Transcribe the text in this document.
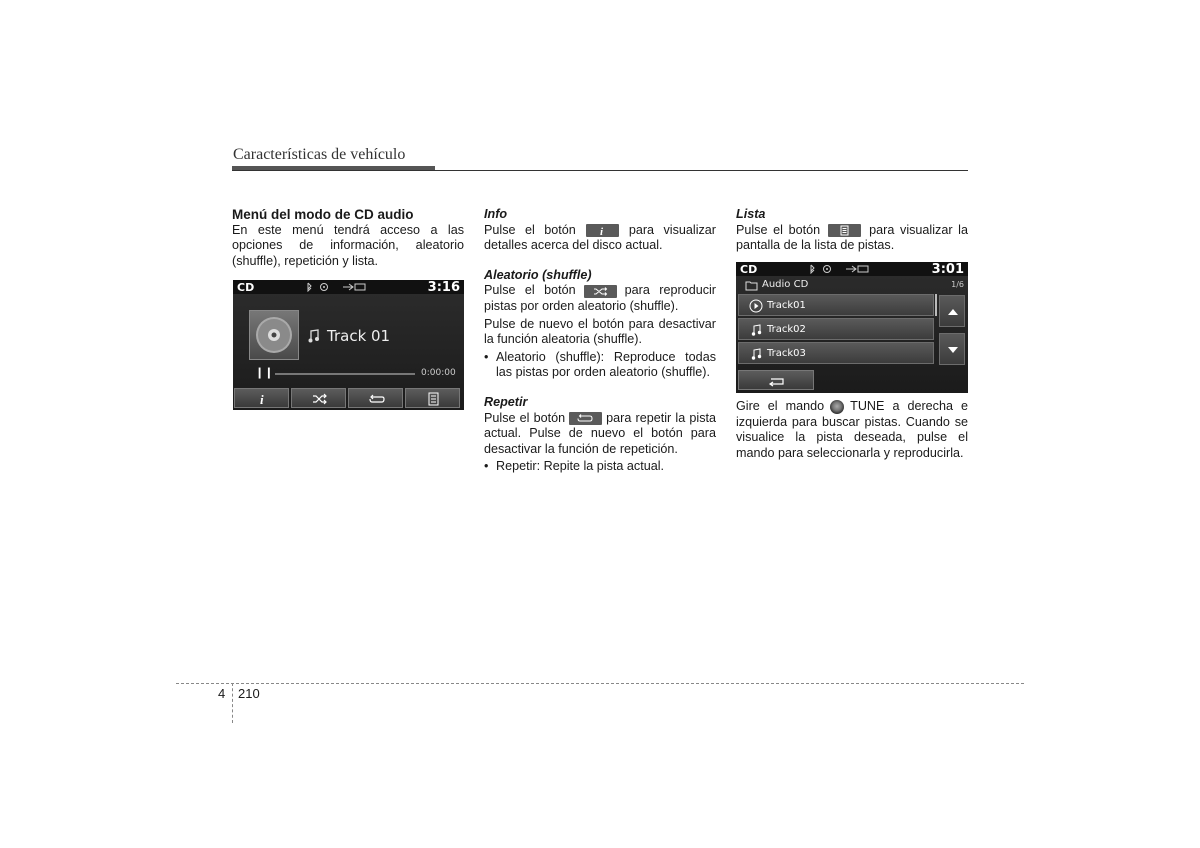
Características de vehículo

Menú del modo de CD audio

En este menú tendrá acceso a las opciones de información, aleatorio (shuffle), repetición y lista.

CD	3:16
Track 01
❙❙	0:00:00
i

Info

Pulse el botón i para visualizar detalles acerca del disco actual.

Aleatorio (shuffle)

Pulse el botón	para reproducir pistas por orden aleatorio (shuffle).

Pulse de nuevo el botón para desactivar la función aleatoria (shuffle).

• Aleatorio (shuffle): Reproduce todas las pistas por orden aleatorio (shuffle).

Repetir

Pulse el botón	para repetir la pista actual. Pulse de nuevo el botón para desactivar la función de repetición.

• Repetir: Repite la pista actual.

Lista

Pulse el botón	para visualizar la pantalla de la lista de pistas.

CD	3:01
Audio CD	1/6
Track01
Track02
Track03

Gire el mando TUNE a derecha e izquierda para buscar pistas. Cuando se visualice la pista deseada, pulse el mando para seleccionarla y reproducirla.

4 210
